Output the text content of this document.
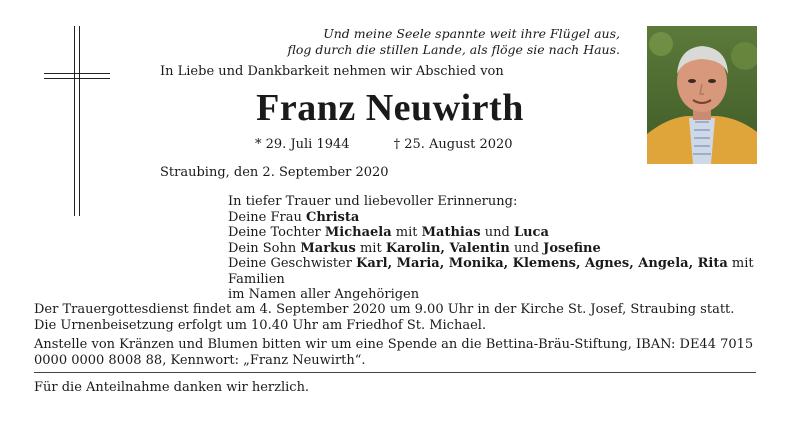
Und meine Seele spannte weit ihre Flügel aus,
flog durch die stillen Lande, als flöge sie nach Haus.
In Liebe und Dankbarkeit nehmen wir Abschied von
Franz Neuwirth
* 29. Juli 1944	† 25. August 2020
Straubing, den 2. September 2020
In tiefer Trauer und liebevoller Erinnerung:
Deine Frau Christa
Deine Tochter Michaela mit Mathias und Luca
Dein Sohn Markus mit Karolin, Valentin und Josefine
Deine Geschwister Karl, Maria, Monika, Klemens, Agnes, Angela, Rita mit Familien
im Namen aller Angehörigen
Der Trauergottesdienst findet am 4. September 2020 um 9.00 Uhr in der Kirche St. Josef, Straubing statt.
Die Urnenbeisetzung erfolgt um 10.40 Uhr am Friedhof St. Michael.
Anstelle von Kränzen und Blumen bitten wir um eine Spende an die Bettina-Bräu-Stiftung, IBAN: DE44 7015
0000 0000 8008 88, Kennwort: „Franz Neuwirth“.
Für die Anteilnahme danken wir herzlich.
